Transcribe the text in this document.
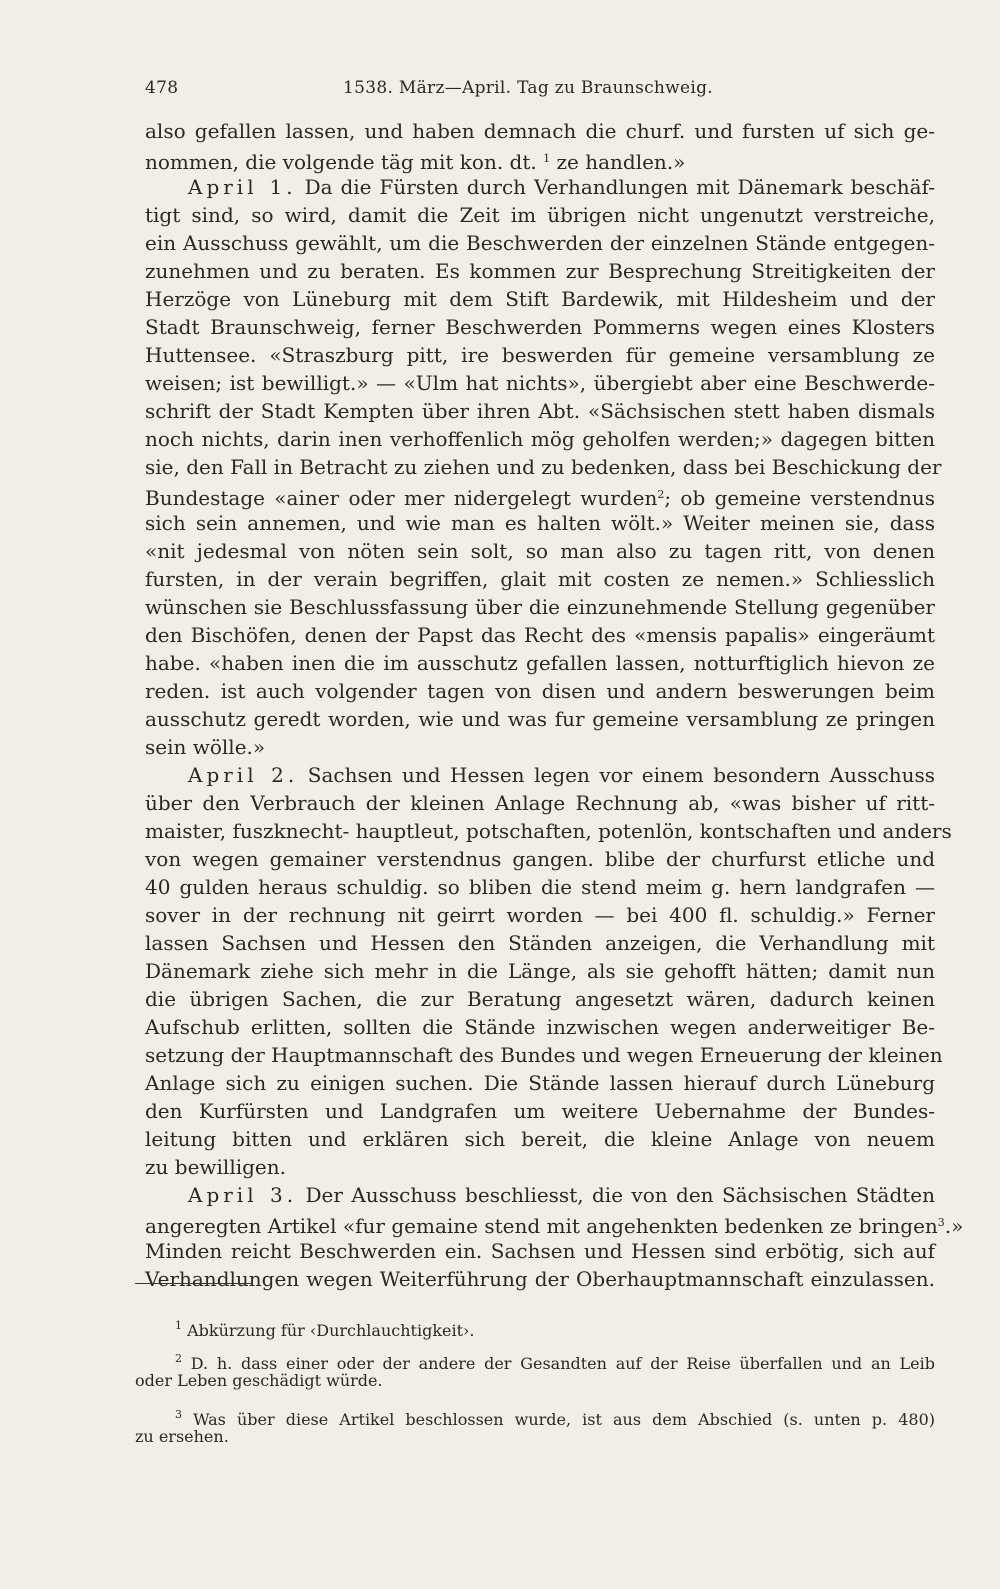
478	1538. März—April. Tag zu Braunschweig.
also gefallen lassen, und haben demnach die churf. und fursten uf sich ge-
nommen, die volgende täg mit kon. dt. $^1$ ze handlen.»
April 1. Da die Fürsten durch Verhandlungen mit Dänemark beschäf-
tigt sind, so wird, damit die Zeit im übrigen nicht ungenutzt verstreiche,
ein Ausschuss gewählt, um die Beschwerden der einzelnen Stände entgegen-
zunehmen und zu beraten. Es kommen zur Besprechung Streitigkeiten der
Herzöge von Lüneburg mit dem Stift Bardewik, mit Hildesheim und der
Stadt Braunschweig, ferner Beschwerden Pommerns wegen eines Klosters
Huttensee. «Straszburg pitt, ire beswerden für gemeine versamblung ze
weisen; ist bewilligt.» — «Ulm hat nichts», übergiebt aber eine Beschwerde-
schrift der Stadt Kempten über ihren Abt. «Sächsischen stett haben dismals
noch nichts, darin inen verhoffenlich mög geholfen werden;» dagegen bitten
sie, den Fall in Betracht zu ziehen und zu bedenken, dass bei Beschickung der
Bundestage «ainer oder mer nidergelegt wurden$^2$; ob gemeine verstendnus
sich sein annemen, und wie man es halten wölt.» Weiter meinen sie, dass
«nit jedesmal von nöten sein solt, so man also zu tagen ritt, von denen
fursten, in der verain begriffen, glait mit costen ze nemen.» Schliesslich
wünschen sie Beschlussfassung über die einzunehmende Stellung gegenüber
den Bischöfen, denen der Papst das Recht des «mensis papalis» eingeräumt
habe. «haben inen die im ausschutz gefallen lassen, notturftiglich hievon ze
reden. ist auch volgender tagen von disen und andern beswerungen beim
ausschutz geredt worden, wie und was fur gemeine versamblung ze pringen
sein wölle.»
April 2. Sachsen und Hessen legen vor einem besondern Ausschuss
über den Verbrauch der kleinen Anlage Rechnung ab, «was bisher uf ritt-
maister, fuszknecht- hauptleut, potschaften, potenlön, kontschaften und anders
von wegen gemainer verstendnus gangen. blibe der churfurst etliche und
40 gulden heraus schuldig. so bliben die stend meim g. hern landgrafen —
sover in der rechnung nit geirrt worden — bei 400 fl. schuldig.» Ferner
lassen Sachsen und Hessen den Ständen anzeigen, die Verhandlung mit
Dänemark ziehe sich mehr in die Länge, als sie gehofft hätten; damit nun
die übrigen Sachen, die zur Beratung angesetzt wären, dadurch keinen
Aufschub erlitten, sollten die Stände inzwischen wegen anderweitiger Be-
setzung der Hauptmannschaft des Bundes und wegen Erneuerung der kleinen
Anlage sich zu einigen suchen. Die Stände lassen hierauf durch Lüneburg
den Kurfürsten und Landgrafen um weitere Uebernahme der Bundes-
leitung bitten und erklären sich bereit, die kleine Anlage von neuem
zu bewilligen.
April 3. Der Ausschuss beschliesst, die von den Sächsischen Städten
angeregten Artikel «fur gemaine stend mit angehenkten bedenken ze bringen$^3$.»
Minden reicht Beschwerden ein. Sachsen und Hessen sind erbötig, sich auf
Verhandlungen wegen Weiterführung der Oberhauptmannschaft einzulassen.
$^1$ Abkürzung für ‹Durchlauchtigkeit›.
$^2$ D. h. dass einer oder der andere der Gesandten auf der Reise überfallen und an Leib
oder Leben geschädigt würde.
$^3$ Was über diese Artikel beschlossen wurde, ist aus dem Abschied (s. unten p. 480)
zu ersehen.
